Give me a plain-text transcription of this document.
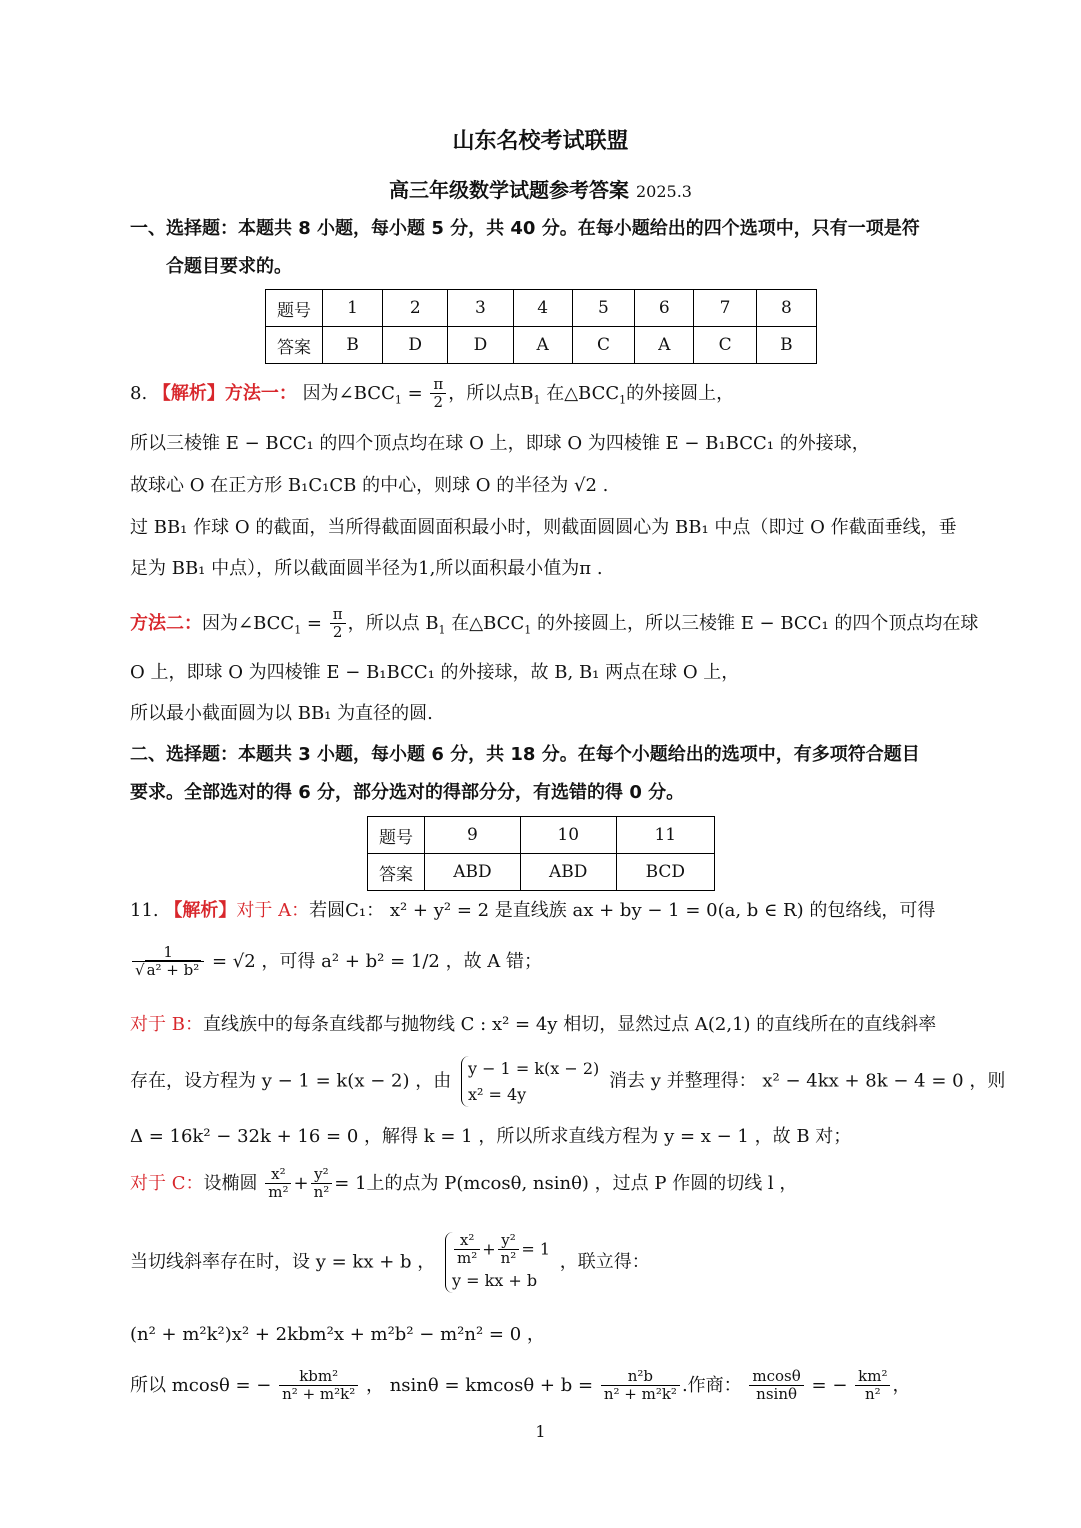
山东名校考试联盟
高三年级数学试题参考答案 2025.3
一、选择题：本题共 8 小题，每小题 5 分，共 40 分。在每小题给出的四个选项中，只有一项是符
合题目要求的。
题号	1	2	3	4	5	6	7	8
答案	B	D	D	A	C	A	C	B
8. 【解析】方法一： 因为$\angle BCC_1 = \frac{\pi}{2}$ ，所以点$B_1$ 在$\triangle BCC_1$的外接圆上，
所以三棱锥 E − BCC₁ 的四个顶点均在球 O 上，即球 O 为四棱锥 E − B₁BCC₁ 的外接球，
故球心 O 在正方形 B₁C₁CB 的中心，则球 O 的半径为 √2 .
过 BB₁ 作球 O 的截面，当所得截面圆面积最小时，则截面圆圆心为 BB₁ 中点（即过 O 作截面垂线，垂
足为 BB₁ 中点），所以截面圆半径为1,所以面积最小值为π .
方法二：因为$\angle BCC_1 = \frac{\pi}{2}$ ，所以点 $B_1$ 在$\triangle BCC_1$ 的外接圆上，所以三棱锥 E − BCC₁ 的四个顶点均在球
O 上，即球 O 为四棱锥 E − B₁BCC₁ 的外接球，故 B, B₁ 两点在球 O 上，
所以最小截面圆为以 BB₁ 为直径的圆.
二、选择题：本题共 3 小题，每小题 6 分，共 18 分。在每个小题给出的选项中，有多项符合题目
要求。全部选对的得 6 分，部分选对的得部分分，有选错的得 0 分。
题号	9	10	11
答案	ABD	ABD	BCD
11. 【解析】对于 A：若圆C₁： x² + y² = 2 是直线族 ax + by − 1 = 0(a, b ∈ R) 的包络线，可得
$\frac{1}{\text{√ a² + b²}} = √2$ ，可得 a² + b² = 1/2 ，故 A 错；
对于 B：直线族中的每条直线都与抛物线 C : x² = 4y 相切，显然过点 A(2,1) 的直线所在的直线斜率
存在，设方程为 y − 1 = k(x − 2) ，由
y − 1 = k(x − 2)
x² = 4y
消去 y 并整理得： x² − 4kx + 8k − 4 = 0 ，则
Δ = 16k² − 32k + 16 = 0 ，解得 k = 1 ，所以所求直线方程为 y = x − 1 ，故 B 对；
对于 C：设椭圆 $\frac{\text{x²}}{\text{m²}} + \frac{\text{y²}}{\text{n²}} = 1$上的点为 P(mcosθ, nsinθ) ，过点 P 作圆的切线 l ，
当切线斜率存在时，设 y = kx + b ， $\frac{\text{x²}}{\text{m²}} + \frac{\text{y²}}{\text{n²}} = 1$
y = kx + b
，联立得：
(n² + m²k²)x² + 2kbm²x + m²b² − m²n² = 0 ，
所以 mcosθ = − $\frac{\text{kbm²}}{\text{n² + m²k²}}$ ， $nsin\theta = kmcos\theta + b = \frac{\text{n²b}}{\text{n² + m²k²}}$ .作商： $\frac{mcos\theta}{nsin\theta}$ = − $\frac{\text{km²}}{\text{n²}}$ ，
1
